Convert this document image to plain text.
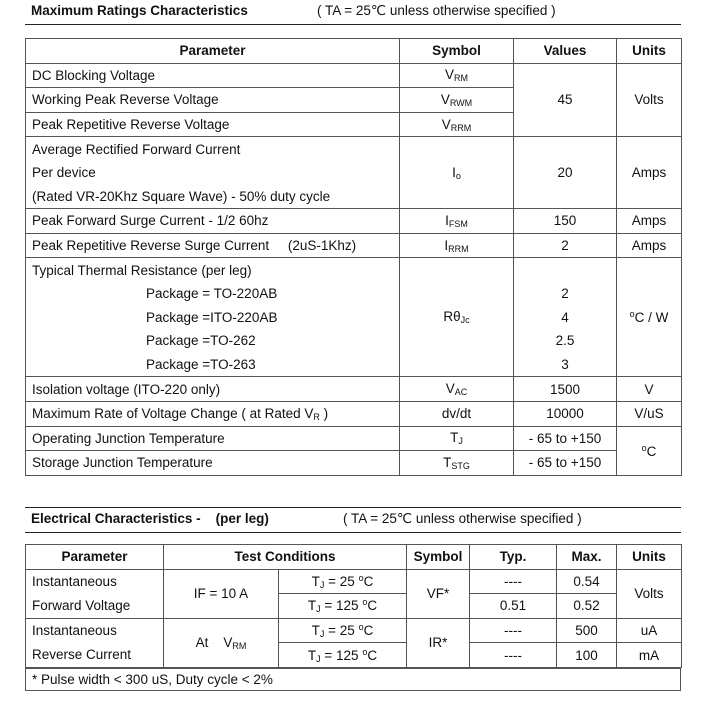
Maximum Ratings Characteristics	( TA = 25℃ unless otherwise specified )
Parameter	Symbol	Values	Units
DC Blocking Voltage	$V_{RM}$	45	Volts
Working Peak Reverse Voltage	$V_{RWM}$
Peak Repetitive Reverse Voltage	$V_{RRM}$
Average Rectified Forward Current	$I_o$	20	Amps
Per device			
(Rated VR-20Khz Square Wave) - 50% duty cycle			
Peak Forward Surge Current - 1/2 60hz	$I_{FSM}$	150	Amps
Peak Repetitive Reverse Surge Current     (2uS-1Khz)	$I_{RRM}$	2	Amps
Typical Thermal Resistance (per leg)	$R\theta_{Jc}$		$^o$C / W
Package = TO-220AB		2	
Package =ITO-220AB		4	
Package =TO-262		2.5	
Package =TO-263		3	
Isolation voltage (ITO-220 only)	$V_{AC}$	1500	V
Maximum Rate of Voltage Change ( at Rated $V_R$ )	dv/dt	10000	V/uS
Operating Junction Temperature	$T_J$	- 65 to +150	$^o$C
Storage Junction Temperature	$T_{STG}$	- 65 to +150	
Electrical Characteristics -    (per leg)	( TA = 25℃ unless otherwise specified )
Parameter	Test Conditions		Symbol	Typ.	Max.	Units
Instantaneous	IF = 10 A	$T_J = 25$ $^o$C	VF*	----	0.54	Volts
Forward Voltage		$T_J = 125$ $^o$C		0.51	0.52	
Instantaneous	At    $V_{RM}$	$T_J = 25$ $^o$C	IR*	----	500	uA
Reverse Current		$T_J = 125$ $^o$C		----	100	mA
* Pulse width < 300 uS, Duty cycle < 2%
